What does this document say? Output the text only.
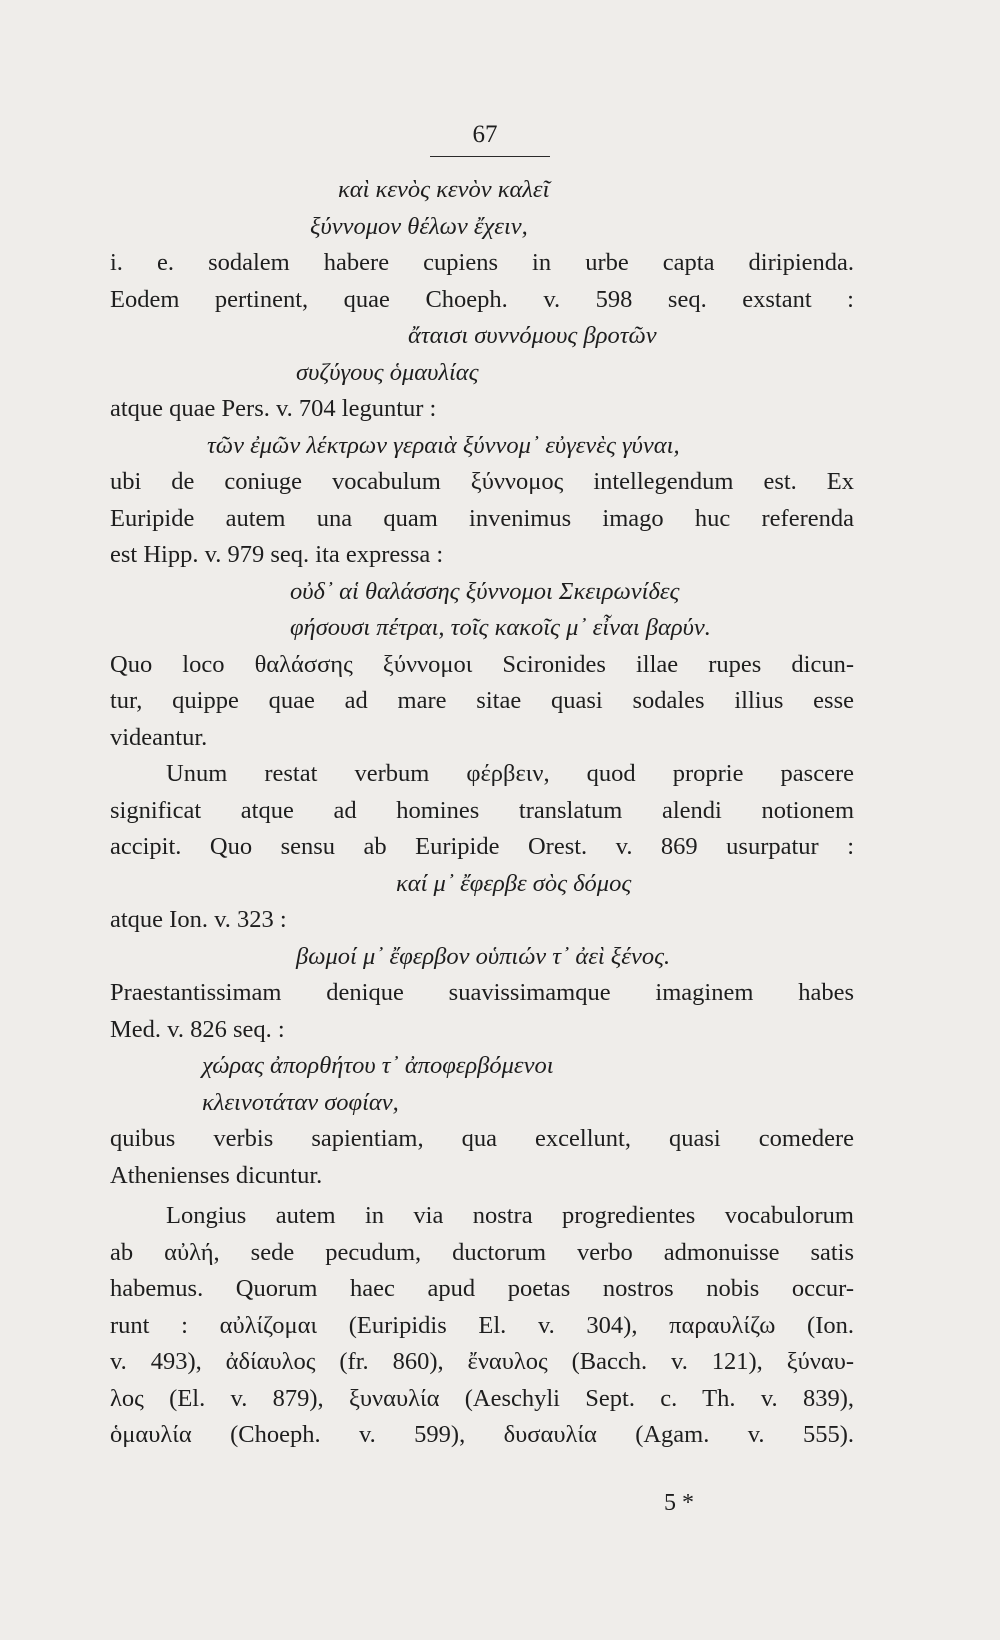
67
καὶ κενὸς κενὸν καλεῖ
ξύννομον θέλων ἔχειν,
i. e. sodalem habere cupiens in urbe capta diripienda.
Eodem pertinent, quae Choeph. v. 598 seq. exstant :
ἄταισι συννόμους βροτῶν
συζύγους ὁμαυλίας
atque quae Pers. v. 704 leguntur :
τῶν ἐμῶν λέκτρων γεραιὰ ξύννομ᾽ εὐγενὲς γύναι,
ubi de coniuge vocabulum ξύννομος intellegendum est. Ex
Euripide autem una quam invenimus imago huc referenda
est Hipp. v. 979 seq. ita expressa :
οὐδ᾽ αἱ θαλάσσης ξύννομοι Σκειρωνίδες
φήσουσι πέτραι, τοῖς κακοῖς μ᾽ εἶναι βαρύν.
Quo loco θαλάσσης ξύννομοι Scironides illae rupes dicun-
tur, quippe quae ad mare sitae quasi sodales illius esse
videantur.
Unum restat verbum φέρβειν, quod proprie pascere
significat atque ad homines translatum alendi notionem
accipit. Quo sensu ab Euripide Orest. v. 869 usurpatur :
καί μ᾽ ἔφερβε σὸς δόμος
atque Ion. v. 323 :
βωμοί μ᾽ ἔφερβον οὑπιών τ᾽ ἀεὶ ξένος.
Praestantissimam denique suavissimamque imaginem habes
Med. v. 826 seq. :
χώρας ἀπορθήτου τ᾽ ἀποφερβόμενοι
κλεινοτάταν σοφίαν,
quibus verbis sapientiam, qua excellunt, quasi comedere
Athenienses dicuntur.
Longius autem in via nostra progredientes vocabulorum
ab αὐλή, sede pecudum, ductorum verbo admonuisse satis
habemus. Quorum haec apud poetas nostros nobis occur-
runt : αὐλίζομαι (Euripidis El. v. 304), παραυλίζω (Ion.
v. 493), ἀδίαυλος (fr. 860), ἔναυλος (Bacch. v. 121), ξύναυ-
λος (El. v. 879), ξυναυλία (Aeschyli Sept. c. Th. v. 839),
ὁμαυλία (Choeph. v. 599), δυσαυλία (Agam. v. 555).
5 *
